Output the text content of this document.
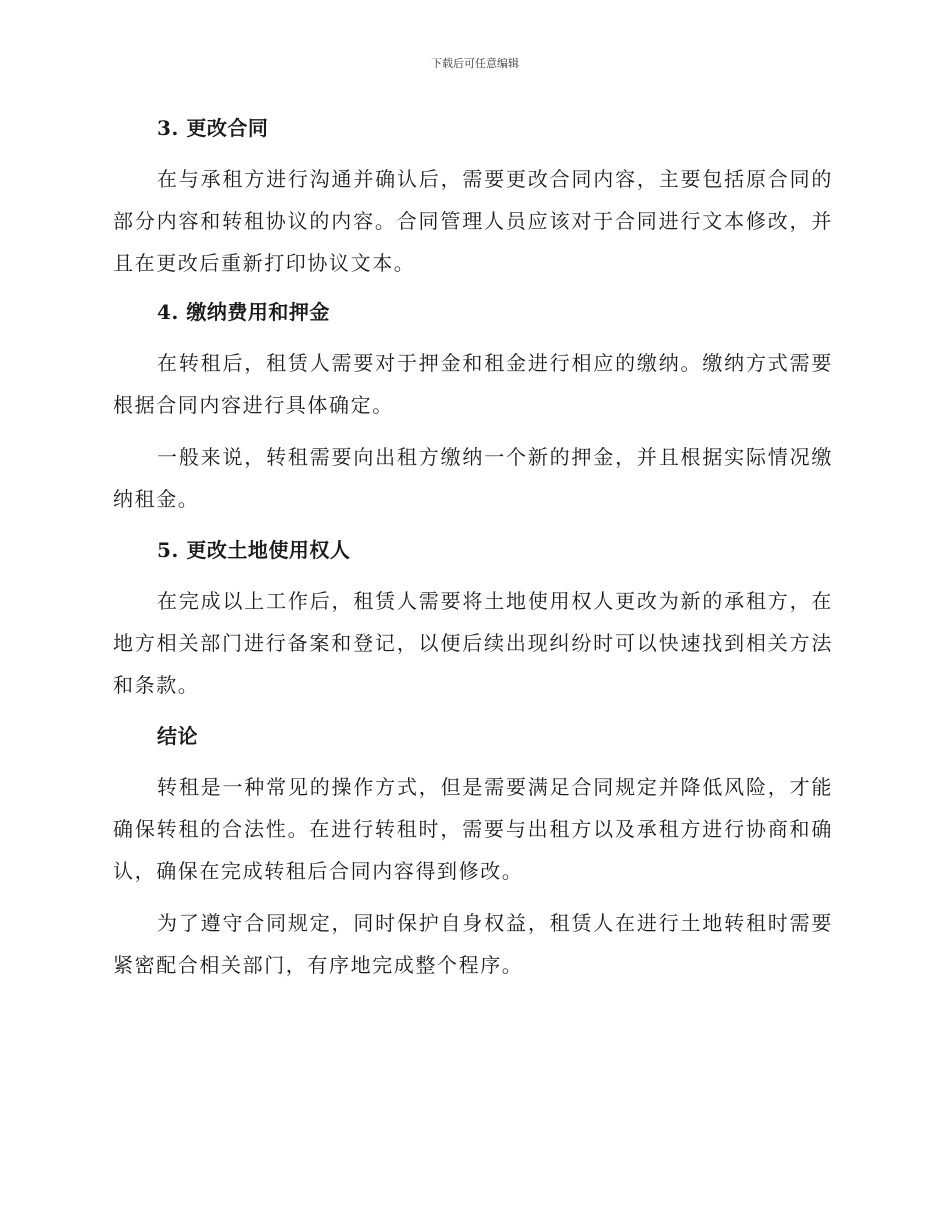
下载后可任意编辑
3. 更改合同

在与承租方进行沟通并确认后，需要更改合同内容，主要包括原合同的部分内容和转租协议的内容。合同管理人员应该对于合同进行文本修改，并且在更改后重新打印协议文本。

4. 缴纳费用和押金

在转租后，租赁人需要对于押金和租金进行相应的缴纳。缴纳方式需要根据合同内容进行具体确定。

一般来说，转租需要向出租方缴纳一个新的押金，并且根据实际情况缴纳租金。

5. 更改土地使用权人

在完成以上工作后，租赁人需要将土地使用权人更改为新的承租方，在地方相关部门进行备案和登记，以便后续出现纠纷时可以快速找到相关方法和条款。

结论

转租是一种常见的操作方式，但是需要满足合同规定并降低风险，才能确保转租的合法性。在进行转租时，需要与出租方以及承租方进行协商和确认，确保在完成转租后合同内容得到修改。

为了遵守合同规定，同时保护自身权益，租赁人在进行土地转租时需要紧密配合相关部门，有序地完成整个程序。
